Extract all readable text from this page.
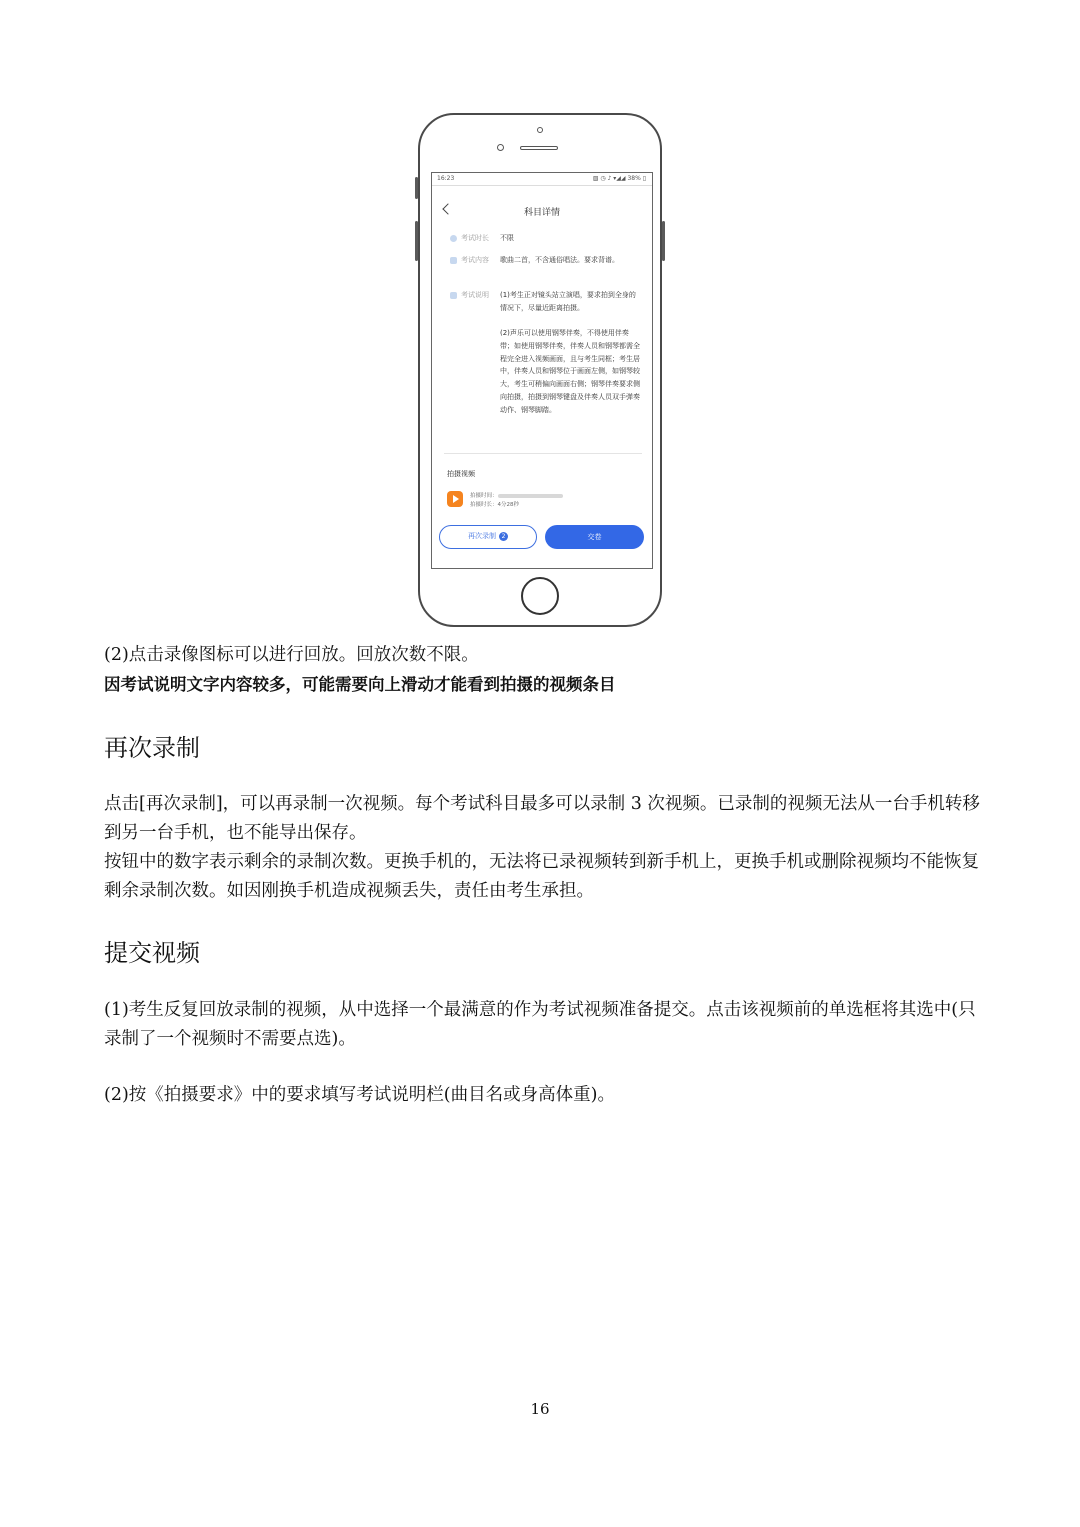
16:23	▧ ◷ ♪ ▾◢◢ 38% ▯
科目详情
考试时长 不限
考试内容 歌曲二首，不含通俗唱法。要求背谱。
考试说明 (1)考生正对镜头站立演唱，要求拍到全身的情况下，尽量近距离拍摄。
(2)声乐可以使用钢琴伴奏，不得使用伴奏带；如使用钢琴伴奏，伴奏人员和钢琴都需全程完全进入视频画面，且与考生同框；考生居中，伴奏人员和钢琴位于画面左侧，如钢琴较大，考生可稍偏向画面右侧；钢琴伴奏要求侧向拍摄，拍摄到钢琴键盘及伴奏人员双手弹奏动作、钢琴脚踏。
拍摄视频
拍摄时间：
拍摄时长：4分28秒
再次录制 2	交卷
(2)点击录像图标可以进行回放。回放次数不限。
因考试说明文字内容较多，可能需要向上滑动才能看到拍摄的视频条目
再次录制
点击[再次录制]，可以再录制一次视频。每个考试科目最多可以录制 3 次视频。已录制的视频无法从一台手机转移到另一台手机，也不能导出保存。
按钮中的数字表示剩余的录制次数。更换手机的，无法将已录视频转到新手机上，更换手机或删除视频均不能恢复剩余录制次数。如因刚换手机造成视频丢失，责任由考生承担。
提交视频
(1)考生反复回放录制的视频，从中选择一个最满意的作为考试视频准备提交。点击该视频前的单选框将其选中(只录制了一个视频时不需要点选)。
(2)按《拍摄要求》中的要求填写考试说明栏(曲目名或身高体重)。
16
